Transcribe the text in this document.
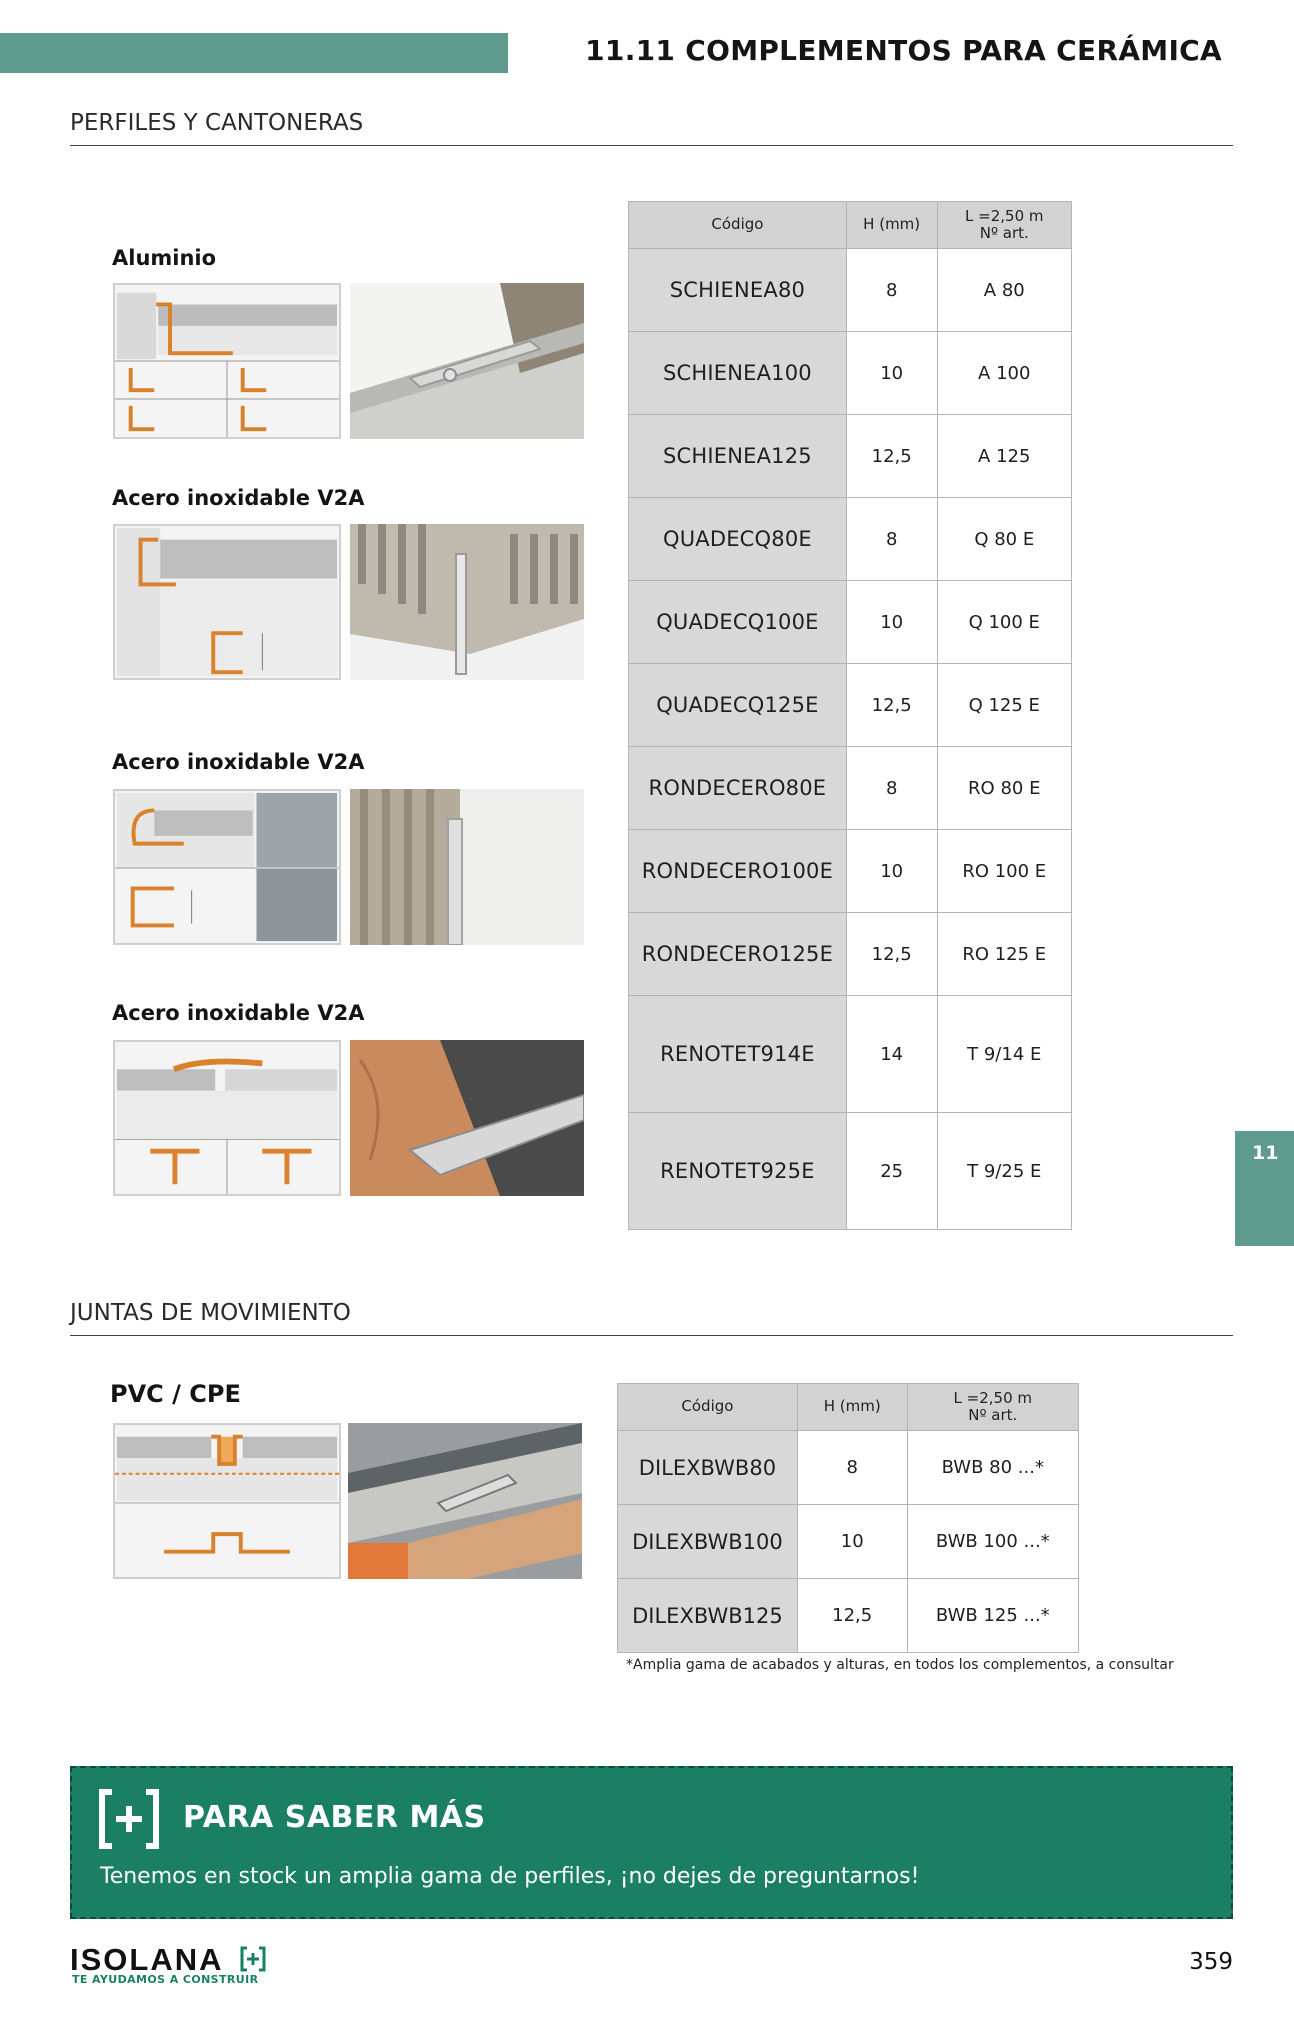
11.11 COMPLEMENTOS PARA CERÁMICA
PERFILES Y CANTONERAS
Aluminio
Acero inoxidable V2A
Acero inoxidable V2A
Acero inoxidable V2A
Código	H (mm)	L =2,50 m
Nº art.
SCHIENEA80	8	A 80
SCHIENEA100	10	A 100
SCHIENEA125	12,5	A 125
QUADECQ80E	8	Q 80 E
QUADECQ100E	10	Q 100 E
QUADECQ125E	12,5	Q 125 E
RONDECERO80E	8	RO 80 E
RONDECERO100E	10	RO 100 E
RONDECERO125E	12,5	RO 125 E
RENOTET914E	14	T 9/14 E
RENOTET925E	25	T 9/25 E
11
JUNTAS DE MOVIMIENTO
PVC / CPE	Código	H (mm)	L =2,50 m
Nº art.
DILEXBWB80	8	BWB 80 ...*
DILEXBWB100	10	BWB 100 ...*
DILEXBWB125	12,5	BWB 125 ...*
*Amplia gama de acabados y alturas, en todos los complementos, a consultar
PARA SABER MÁS
Tenemos en stock un amplia gama de perfiles, ¡no dejes de preguntarnos!
ISOLANA
TE AYUDAMOS A CONSTRUIR
359
